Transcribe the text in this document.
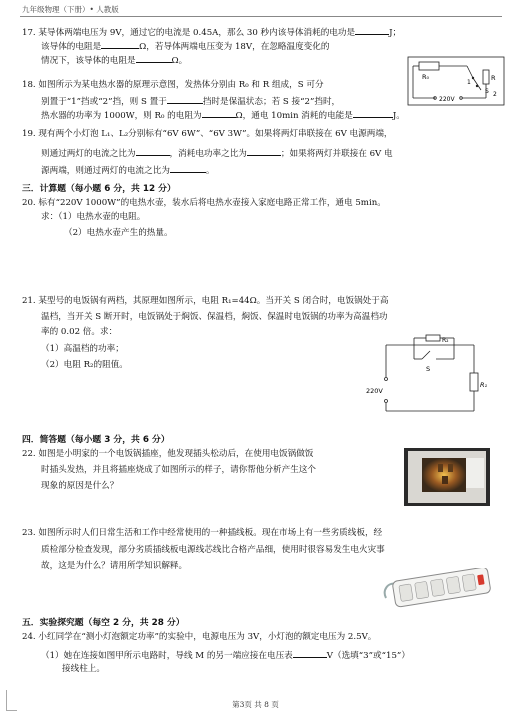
九年级物理（下册）• 人教版
17. 某导体两端电压为 9V，通过它的电流是 0.45A，那么 30 秒内该导体消耗的电功是	J；
该导体的电阻是	Ω，若导体两端电压变为 18V，在忽略温度变化的
情况下，该导体的电阻是	Ω。
R₀	R
1
S 2
220V
18. 如图所示为某电热水器的原理示意图，发热体分别由 R₀ 和 R 组成，S 可分
别置于“1”挡或“2”挡，则 S 置于	挡时是保温状态；若 S 接“2”挡时，
热水器的功率为 1000W，则 R₀ 的电阻为	Ω，通电 10min 消耗的电能是	J。
19. 现有两个小灯泡 L₁、L₂分别标有“6V 6W”、“6V 3W”。如果将两灯串联接在 6V 电源两端，
则通过两灯的电流之比为	，消耗电功率之比为	；如果将两灯并联接在 6V 电
源两端，则通过两灯的电流之比为	。
三．计算题（每小题 6 分，共 12 分）
20. 标有“220V 1000W”的电热水壶，装水后将电热水壶接入家庭电路正常工作，通电 5min。
求：（1）电热水壶的电阻。
（2）电热水壶产生的热量。
21. 某型号的电饭锅有两档，其原理如图所示，电阻 R₁=44Ω。当开关 S 闭合时，电饭锅处于高
温档，当开关 S 断开时，电饭锅处于焖饭、保温档，焖饭、保温时电饭锅的功率为高温档功
率的 0.02 倍。求：
（1）高温档的功率；
（2）电阻 R₂的阻值。
R₁
220V
S
R₂
四．简答题（每小题 3 分，共 6 分）
22. 如图是小明家的一个电饭锅插座，他发现插头松动后，在使用电饭锅做饭
时插头发热，并且将插座烧成了如图所示的样子，请你帮他分析产生这个
现象的原因是什么？
23. 如图所示时人们日常生活和工作中经常使用的一种插线板。现在市场上有一些劣质线板，经
质检部分检查发现，部分劣质插线板电源线芯线比合格产品细，使用时很容易发生电火灾事
故，这是为什么？请用所学知识解释。
五．实验探究题（每空 2 分，共 28 分）
24. 小红同学在“测小灯泡额定功率”的实验中，电源电压为 3V，小灯泡的额定电压为 2.5V。
（1）她在连接如图甲所示电路时，导线 M 的另一端应接在电压表	V（选填“3”或“15”）
接线柱上。
第3页 共 8 页
